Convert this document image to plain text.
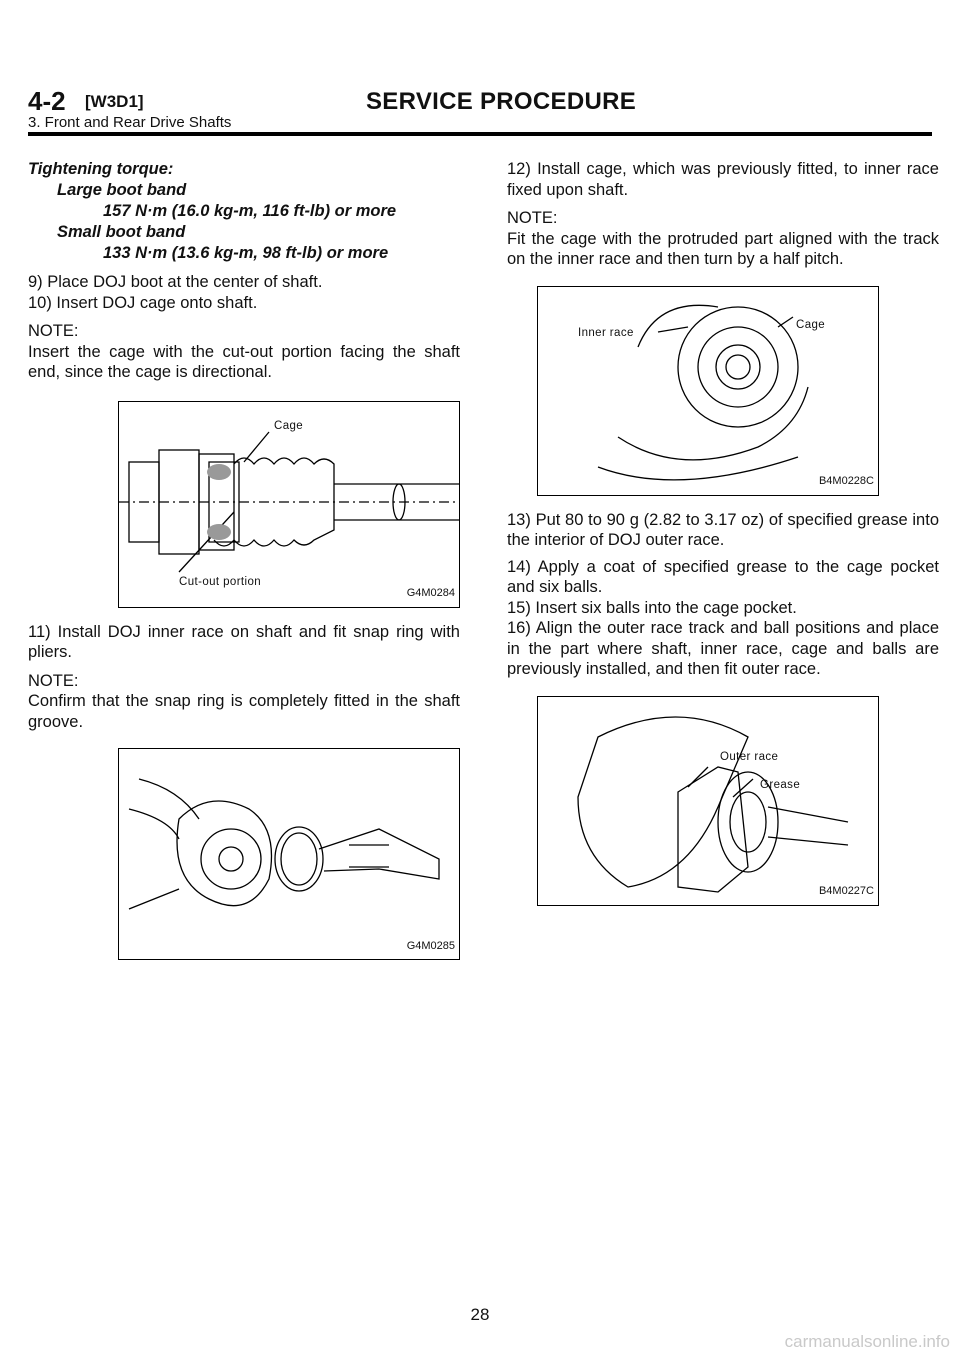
4-2 [W3D1]	SERVICE PROCEDURE
3. Front and Rear Drive Shafts
Tightening torque:
Large boot band
157 N·m (16.0 kg-m, 116 ft-lb) or more
Small boot band
133 N·m (13.6 kg-m, 98 ft-lb) or more

9) Place DOJ boot at the center of shaft.

10) Insert DOJ cage onto shaft.

NOTE:

Insert the cage with the cut-out portion facing the shaft end, since the cage is directional.

Cage
Cut-out portion
G4M0284

11) Install DOJ inner race on shaft and fit snap ring with pliers.

NOTE:

Confirm that the snap ring is completely fitted in the shaft groove.

G4M0285

12) Install cage, which was previously fitted, to inner race fixed upon shaft.

NOTE:

Fit the cage with the protruded part aligned with the track on the inner race and then turn by a half pitch.

Inner race
Cage
B4M0228C

13) Put 80 to 90 g (2.82 to 3.17 oz) of specified grease into the interior of DOJ outer race.

14) Apply a coat of specified grease to the cage pocket and six balls.

15) Insert six balls into the cage pocket.

16) Align the outer race track and ball positions and place in the part where shaft, inner race, cage and balls are previously installed, and then fit outer race.

Outer race
Grease
B4M0227C
28
carmanualsonline.info
